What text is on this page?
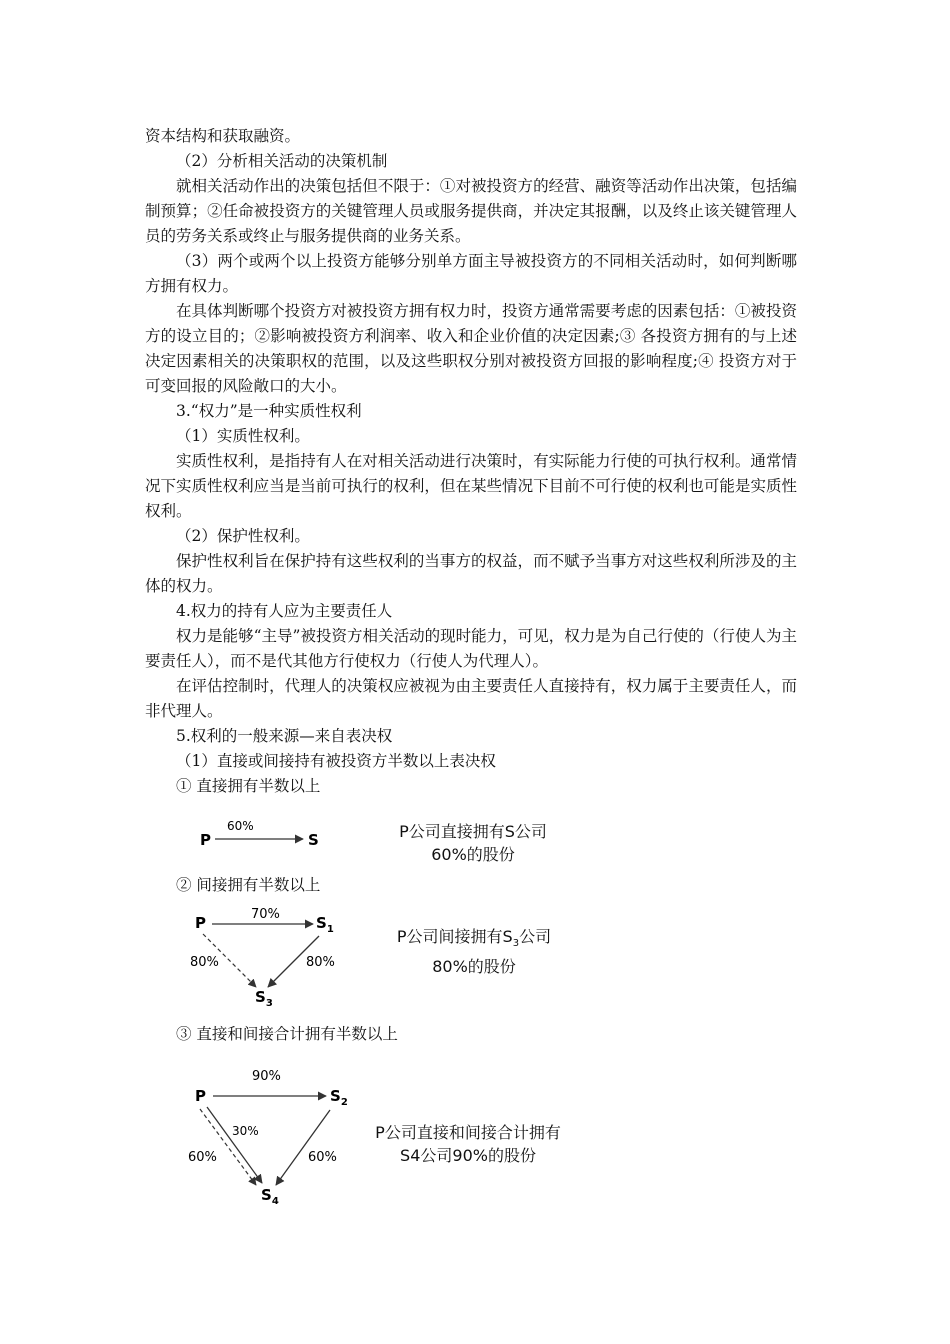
资本结构和获取融资。

（2）分析相关活动的决策机制

就相关活动作出的决策包括但不限于：①对被投资方的经营、融资等活动作出决策，包括编制预算；②任命被投资方的关键管理人员或服务提供商，并决定其报酬，以及终止该关键管理人员的劳务关系或终止与服务提供商的业务关系。

（3）两个或两个以上投资方能够分别单方面主导被投资方的不同相关活动时，如何判断哪方拥有权力。

在具体判断哪个投资方对被投资方拥有权力时，投资方通常需要考虑的因素包括：①被投资方的设立目的；②影响被投资方利润率、收入和企业价值的决定因素;③ 各投资方拥有的与上述决定因素相关的决策职权的范围，以及这些职权分别对被投资方回报的影响程度;④ 投资方对于可变回报的风险敞口的大小。

3.“权力”是一种实质性权利

（1）实质性权利。

实质性权利，是指持有人在对相关活动进行决策时，有实际能力行使的可执行权利。通常情况下实质性权利应当是当前可执行的权利，但在某些情况下目前不可行使的权利也可能是实质性权利。

（2）保护性权利。

保护性权利旨在保护持有这些权利的当事方的权益，而不赋予当事方对这些权利所涉及的主体的权力。

4.权力的持有人应为主要责任人

权力是能够“主导”被投资方相关活动的现时能力，可见，权力是为自己行使的（行使人为主要责任人），而不是代其他方行使权力（行使人为代理人）。

在评估控制时，代理人的决策权应被视为由主要责任人直接持有，权力属于主要责任人，而非代理人。

5.权利的一般来源—来自表决权

（1）直接或间接持有被投资方半数以上表决权

① 直接拥有半数以上

P
60%
S	P公司直接拥有S公司
60%的股份

② 间接拥有半数以上

P	70% $S_1$
80%	80%
$S_3$
P公司间接拥有$S_3$公司
80%的股份

③ 直接和间接合计拥有半数以上

P
90%
$S_2$
30%
60%	60%
$S_4$
P公司直接和间接合计拥有
S4公司90%的股份
